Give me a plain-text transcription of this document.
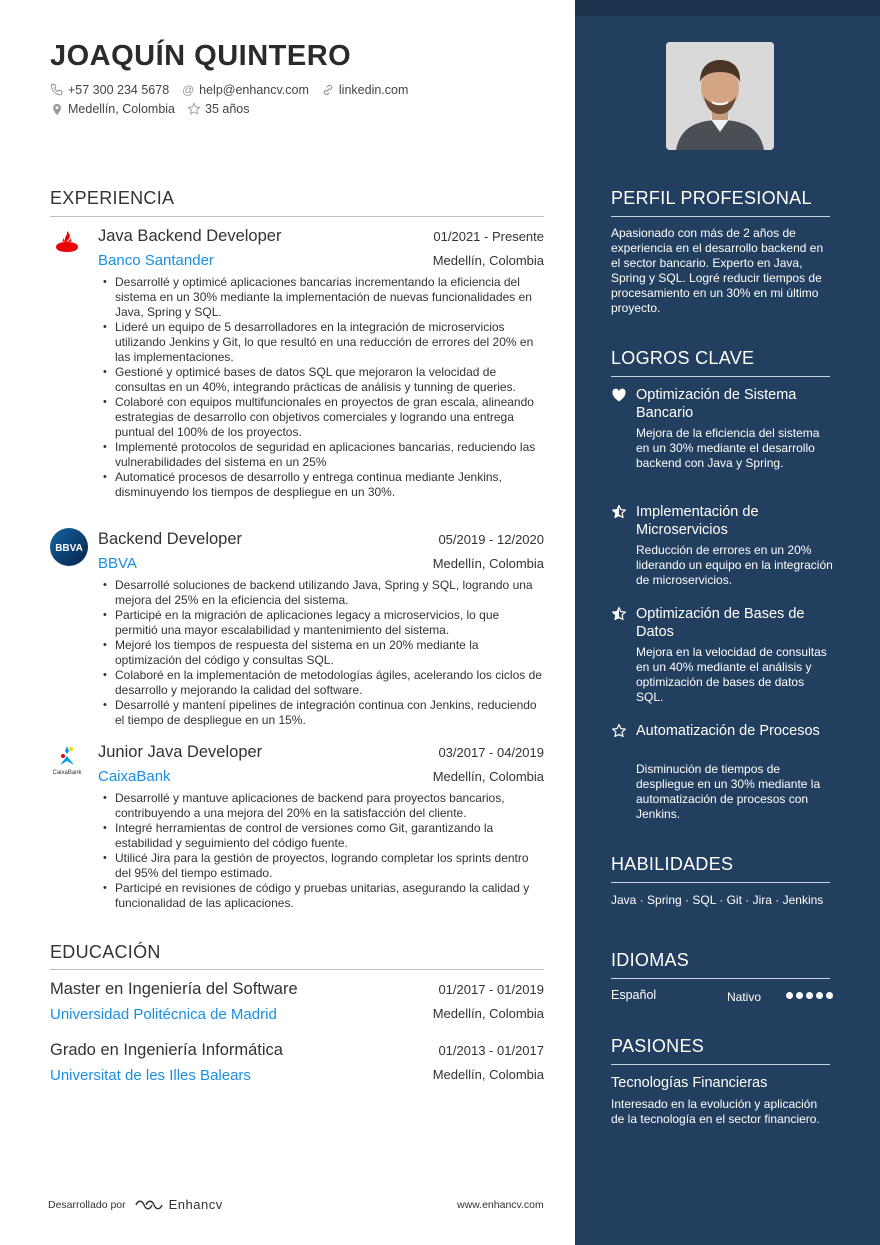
JOAQUÍN QUINTERO
+57 300 234 5678 @ help@enhancv.com linkedin.com
Medellín, Colombia 35 años
EXPERIENCIA
Java Backend Developer	01/2021 - Presente
Banco Santander	Medellín, Colombia
• Desarrollé y optimicé aplicaciones bancarias incrementando la eficiencia del sistema en un 30% mediante la implementación de nuevas funcionalidades en Java, Spring y SQL.
• Lideré un equipo de 5 desarrolladores en la integración de microservicios utilizando Jenkins y Git, lo que resultó en una reducción de errores del 20% en las implementaciones.
• Gestioné y optimicé bases de datos SQL que mejoraron la velocidad de consultas en un 40%, integrando prácticas de análisis y tunning de queries.
• Colaboré con equipos multifuncionales en proyectos de gran escala, alineando estrategias de desarrollo con objetivos comerciales y logrando una entrega puntual del 100% de los proyectos.
• Implementé protocolos de seguridad en aplicaciones bancarias, reduciendo las vulnerabilidades del sistema en un 25%
• Automaticé procesos de desarrollo y entrega continua mediante Jenkins, disminuyendo los tiempos de despliegue en un 30%.
BBVA
Backend Developer	05/2019 - 12/2020
BBVA	Medellín, Colombia
• Desarrollé soluciones de backend utilizando Java, Spring y SQL, logrando una mejora del 25% en la eficiencia del sistema.
• Participé en la migración de aplicaciones legacy a microservicios, lo que permitió una mayor escalabilidad y mantenimiento del sistema.
• Mejoré los tiempos de respuesta del sistema en un 20% mediante la optimización del código y consultas SQL.
• Colaboré en la implementación de metodologías ágiles, acelerando los ciclos de desarrollo y mejorando la calidad del software.
• Desarrollé y mantení pipelines de integración continua con Jenkins, reduciendo el tiempo de despliegue en un 15%.
CaixaBank
Junior Java Developer	03/2017 - 04/2019
CaixaBank	Medellín, Colombia
• Desarrollé y mantuve aplicaciones de backend para proyectos bancarios, contribuyendo a una mejora del 20% en la satisfacción del cliente.
• Integré herramientas de control de versiones como Git, garantizando la estabilidad y seguimiento del código fuente.
• Utilicé Jira para la gestión de proyectos, logrando completar los sprints dentro del 95% del tiempo estimado.
• Participé en revisiones de código y pruebas unitarias, asegurando la calidad y funcionalidad de las aplicaciones.
EDUCACIÓN
Master en Ingeniería del Software	01/2017 - 01/2019
Universidad Politécnica de Madrid	Medellín, Colombia
Grado en Ingeniería Informática	01/2013 - 01/2017
Universitat de les Illes Balears	Medellín, Colombia
Desarrollado por	Enhancv	www.enhancv.com
PERFIL PROFESIONAL
Apasionado con más de 2 años de experiencia en el desarrollo backend en el sector bancario. Experto en Java, Spring y SQL. Logré reducir tiempos de procesamiento en un 30% en mi último proyecto.
LOGROS CLAVE
Optimización de Sistema Bancario
Mejora de la eficiencia del sistema en un 30% mediante el desarrollo backend con Java y Spring.
Implementación de Microservicios
Reducción de errores en un 20% liderando un equipo en la integración de microservicios.
Optimización de Bases de Datos
Mejora en la velocidad de consultas en un 40% mediante el análisis y optimización de bases de datos SQL.
Automatización de Procesos
Disminución de tiempos de despliegue en un 30% mediante la automatización de procesos con Jenkins.
HABILIDADES
Java · Spring · SQL · Git · Jira · Jenkins
IDIOMAS
Español	Nativo
PASIONES
Tecnologías Financieras
Interesado en la evolución y aplicación de la tecnología en el sector financiero.
